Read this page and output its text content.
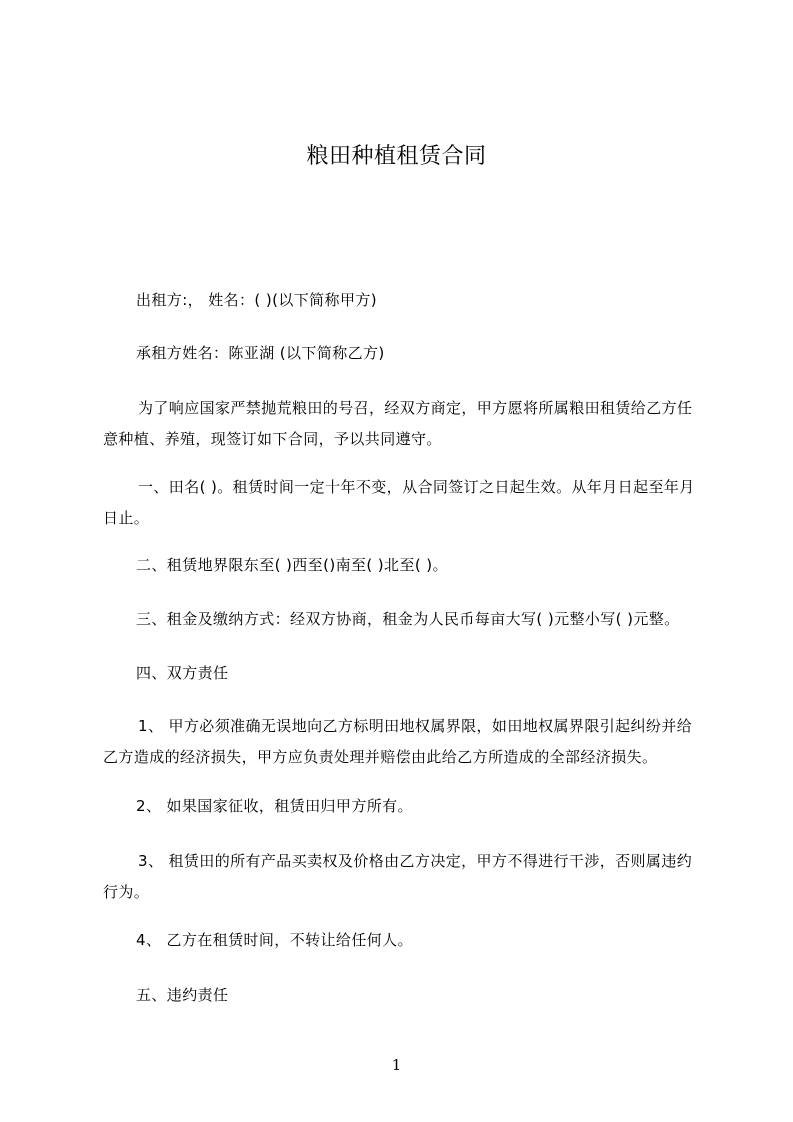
粮田种植租赁合同

出租方:， 姓名：( )(以下简称甲方)

承租方姓名：陈亚湖 (以下简称乙方)

为了响应国家严禁抛荒粮田的号召，经双方商定，甲方愿将所属粮田租赁给乙方任意种植、养殖，现签订如下合同，予以共同遵守。

一、田名( )。租赁时间一定十年不变，从合同签订之日起生效。从年月日起至年月日止。

二、租赁地界限东至( )西至()南至( )北至( )。

三、租金及缴纳方式：经双方协商，租金为人民币每亩大写( )元整小写( )元整。

四、双方责任

1、 甲方必须准确无误地向乙方标明田地权属界限，如田地权属界限引起纠纷并给乙方造成的经济损失，甲方应负责处理并赔偿由此给乙方所造成的全部经济损失。

2、 如果国家征收，租赁田归甲方所有。

3、 租赁田的所有产品买卖权及价格由乙方决定，甲方不得进行干涉，否则属违约行为。

4、 乙方在租赁时间，不转让给任何人。

五、违约责任

1
